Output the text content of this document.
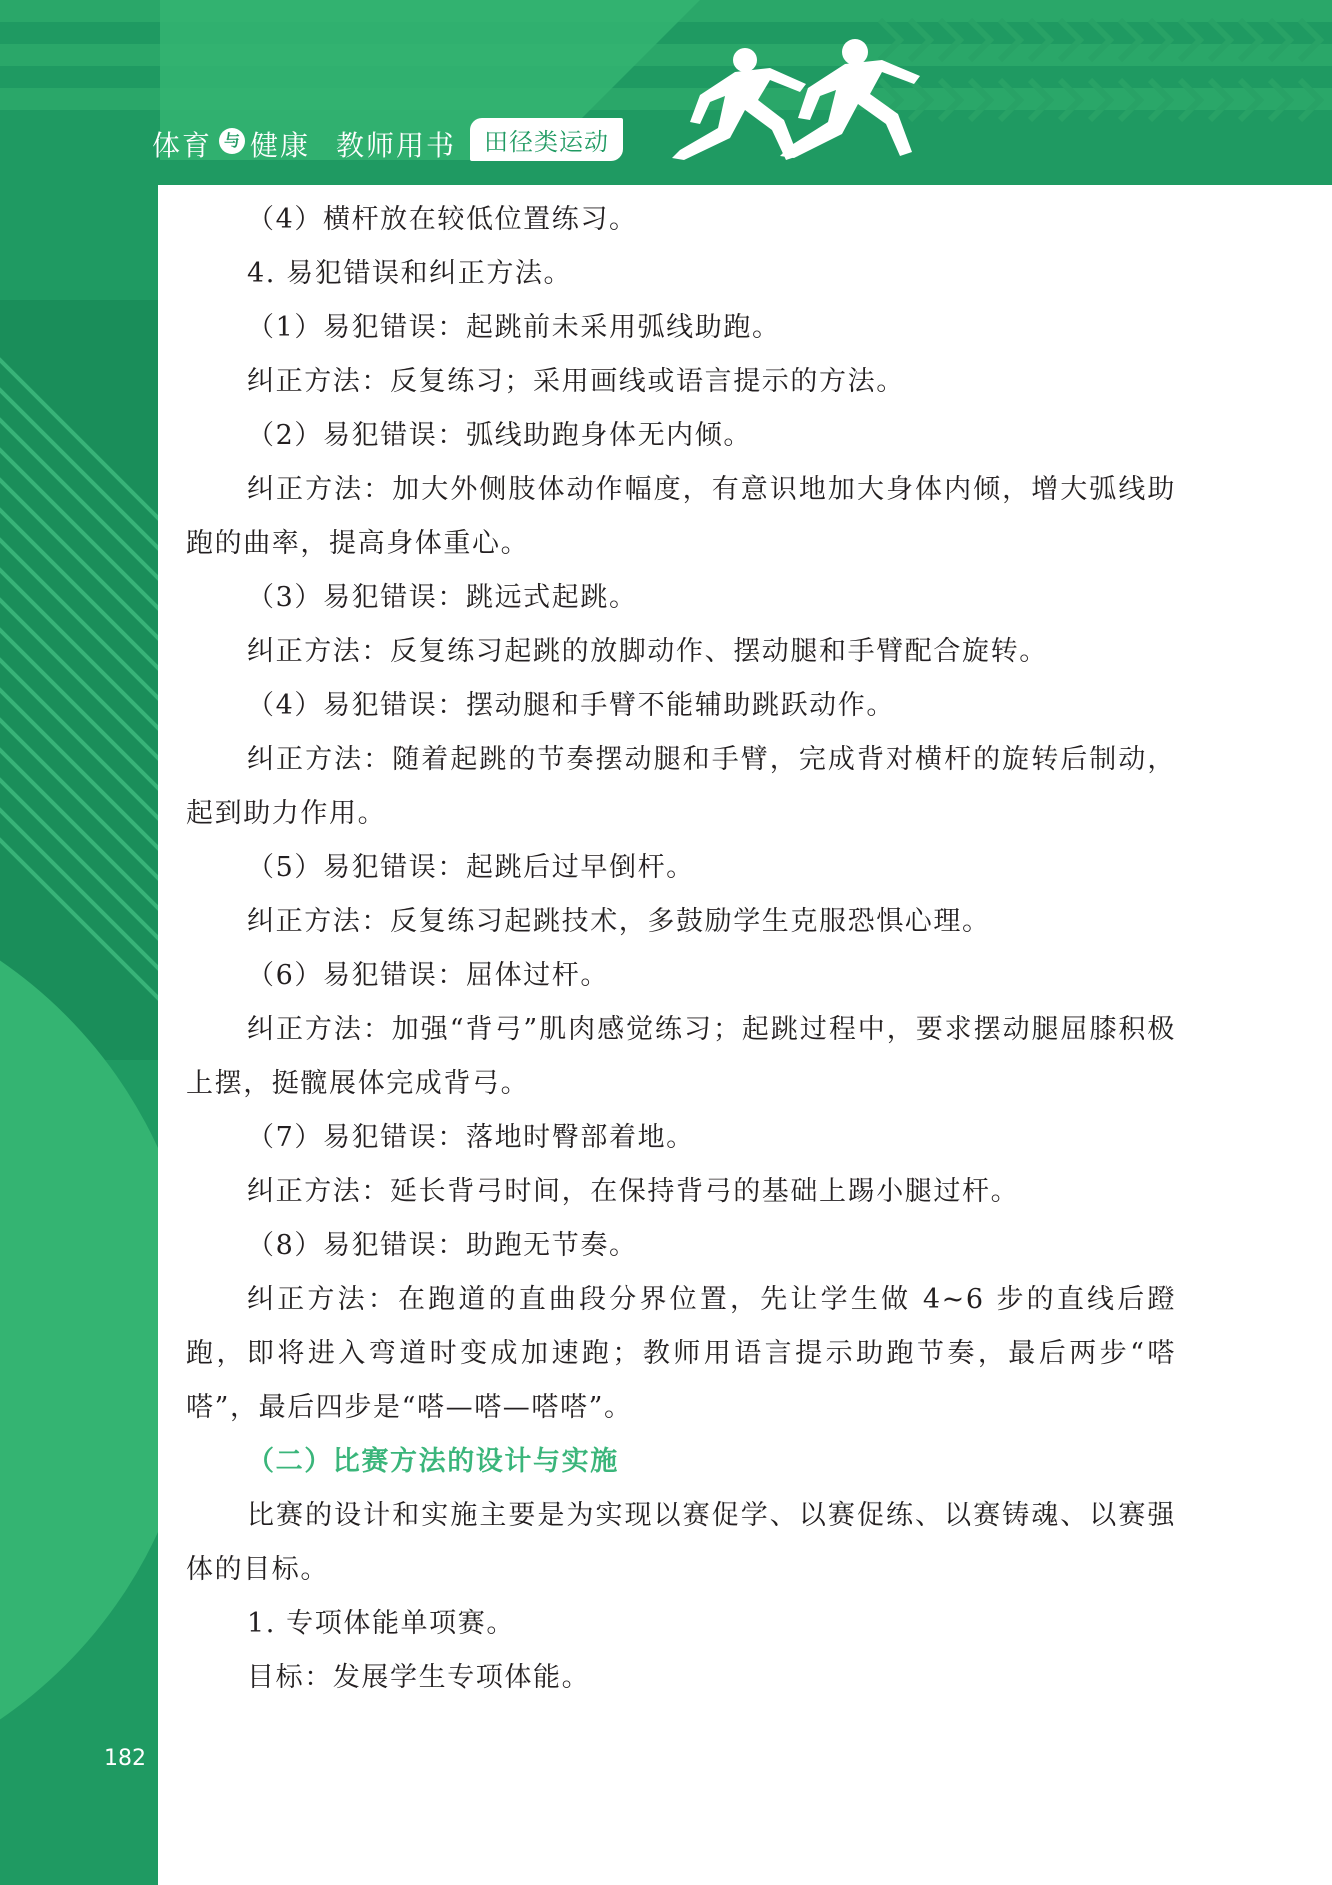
体育 与 健康 教师用书	田径类运动

（4）横杆放在较低位置练习。

4. 易犯错误和纠正方法。

（1）易犯错误：起跳前未采用弧线助跑。

纠正方法：反复练习；采用画线或语言提示的方法。

（2）易犯错误：弧线助跑身体无内倾。

纠正方法：加大外侧肢体动作幅度，有意识地加大身体内倾，增大弧线助跑的曲率，提高身体重心。

（3）易犯错误：跳远式起跳。

纠正方法：反复练习起跳的放脚动作、摆动腿和手臂配合旋转。

（4）易犯错误：摆动腿和手臂不能辅助跳跃动作。

纠正方法：随着起跳的节奏摆动腿和手臂，完成背对横杆的旋转后制动，起到助力作用。

（5）易犯错误：起跳后过早倒杆。

纠正方法：反复练习起跳技术，多鼓励学生克服恐惧心理。

（6）易犯错误：屈体过杆。

纠正方法：加强“背弓”肌肉感觉练习；起跳过程中，要求摆动腿屈膝积极上摆，挺髋展体完成背弓。

（7）易犯错误：落地时臀部着地。

纠正方法：延长背弓时间，在保持背弓的基础上踢小腿过杆。

（8）易犯错误：助跑无节奏。

纠正方法：在跑道的直曲段分界位置，先让学生做 4~6 步的直线后蹬跑，即将进入弯道时变成加速跑；教师用语言提示助跑节奏，最后两步“嗒嗒”，最后四步是“嗒—嗒—嗒嗒”。

（二）比赛方法的设计与实施

比赛的设计和实施主要是为实现以赛促学、以赛促练、以赛铸魂、以赛强体的目标。

1. 专项体能单项赛。

目标：发展学生专项体能。

182
